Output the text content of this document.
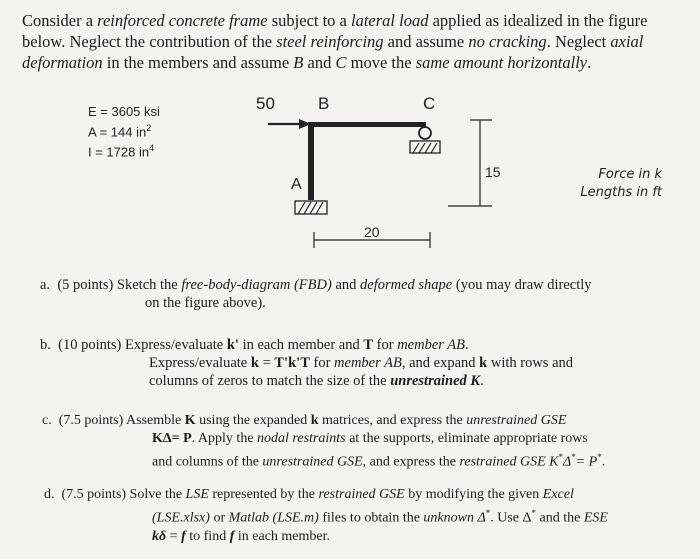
Consider a reinforced concrete frame subject to a lateral load applied as idealized in the figure

below. Neglect the contribution of the steel reinforcing and assume no cracking. Neglect axial

deformation in the members and assume B and C move the same amount horizontally.

E = 3605 ksi
A = 144 $in^2$
I = 1728 $in^4$
50	B	C
A
15
20
Force in k
Lengths in ft
a. (5 points) Sketch the free-body-diagram (FBD) and deformed shape (you may draw directly
on the figure above).
b. (10 points) Express/evaluate k' in each member and T for member AB.
Express/evaluate k = T'k'T for member AB, and expand k with rows and
columns of zeros to match the size of the unrestrained K.
c. (7.5 points) Assemble K using the expanded k matrices, and express the unrestrained GSE
KΔ= P. Apply the nodal restraints at the supports, eliminate appropriate rows
and columns of the unrestrained GSE, and express the restrained GSE K*Δ*= P*.
d. (7.5 points) Solve the LSE represented by the restrained GSE by modifying the given Excel
(LSE.xlsx) or Matlab (LSE.m) files to obtain the unknown Δ*. Use Δ* and the ESE
kδ = f to find f in each member.
